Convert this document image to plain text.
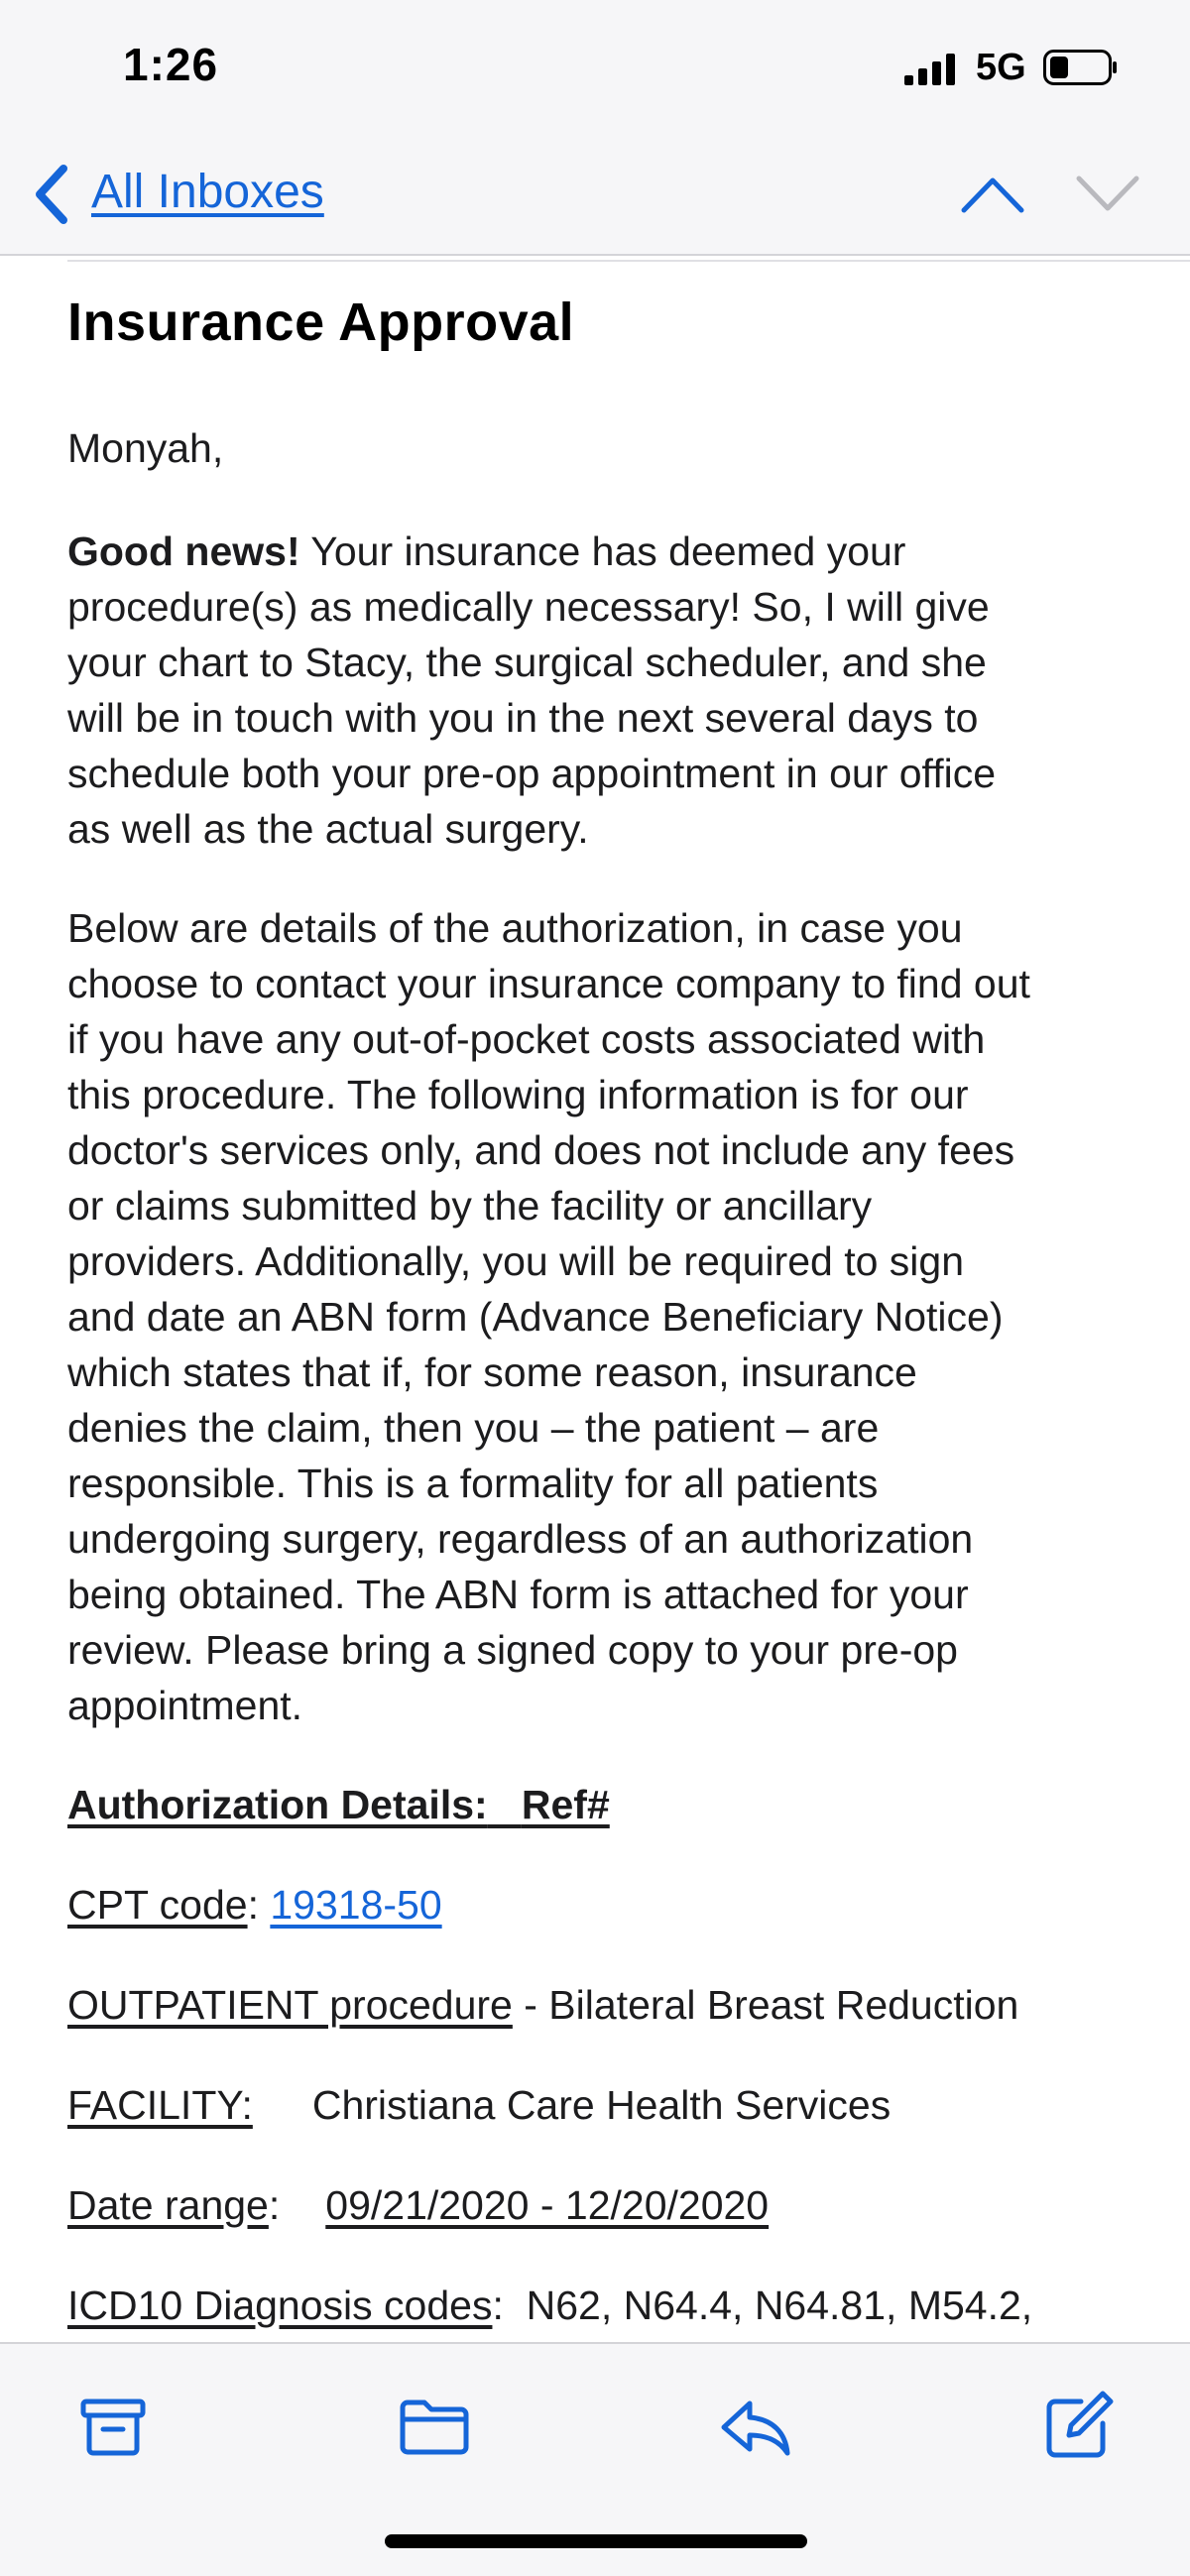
1:26	5G
All Inboxes
Insurance Approval
Monyah,
Good news! Your insurance has deemed your
procedure(s) as medically necessary! So, I will give
your chart to Stacy, the surgical scheduler, and she
will be in touch with you in the next several days to
schedule both your pre-op appointment in our office
as well as the actual surgery.
Below are details of the authorization, in case you
choose to contact your insurance company to find out
if you have any out-of-pocket costs associated with
this procedure. The following information is for our
doctor's services only, and does not include any fees
or claims submitted by the facility or ancillary
providers. Additionally, you will be required to sign
and date an ABN form (Advance Beneficiary Notice)
which states that if, for some reason, insurance
denies the claim, then you – the patient – are
responsible. This is a formality for all patients
undergoing surgery, regardless of an authorization
being obtained. The ABN form is attached for your
review. Please bring a signed copy to your pre-op
appointment.
Authorization Details: Ref#
CPT code: 19318-50
OUTPATIENT procedure - Bilateral Breast Reduction
FACILITY: Christiana Care Health Services
Date range: 09/21/2020 - 12/20/2020
ICD10 Diagnosis codes:  N62, N64.4, N64.81, M54.2,
